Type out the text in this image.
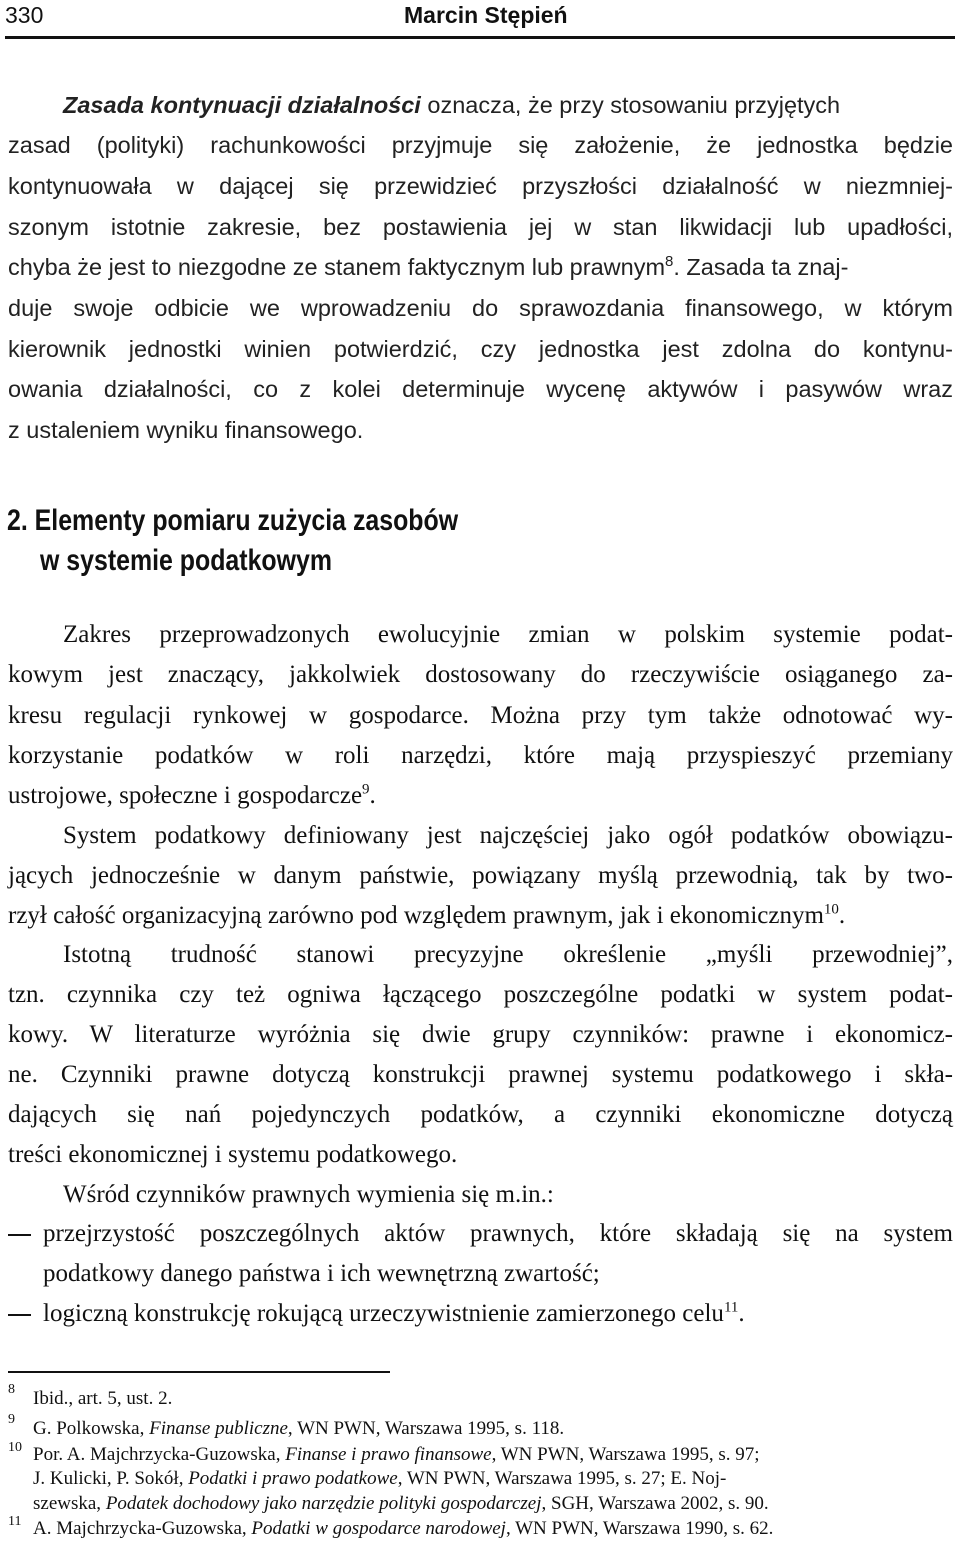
330	Marcin Stępień
Zasada kontynuacji działalności oznacza, że przy stosowaniu przyjętych
zasad (polityki) rachunkowości przyjmuje się założenie, że jednostka będzie
kontynuowała w dającej się przewidzieć przyszłości działalność w niezmniej-
szonym istotnie zakresie, bez postawienia jej w stan likwidacji lub upadłości,
chyba że jest to niezgodne ze stanem faktycznym lub prawnym$^8$. Zasada ta znaj-
duje swoje odbicie we wprowadzeniu do sprawozdania finansowego, w którym
kierownik jednostki winien potwierdzić, czy jednostka jest zdolna do kontynu-
owania działalności, co z kolei determinuje wycenę aktywów i pasywów wraz
z ustaleniem wyniku finansowego.
2. Elementy pomiaru zużycia zasobów
w systemie podatkowym
Zakres przeprowadzonych ewolucyjnie zmian w polskim systemie podat-
kowym jest znaczący, jakkolwiek dostosowany do rzeczywiście osiąganego za-
kresu regulacji rynkowej w gospodarce. Można przy tym także odnotować wy-
korzystanie podatków w roli narzędzi, które mają przyspieszyć przemiany
ustrojowe, społeczne i gospodarcze$^9$.
System podatkowy definiowany jest najczęściej jako ogół podatków obowiązu-
jących jednocześnie w danym państwie, powiązany myślą przewodnią, tak by two-
rzył całość organizacyjną zarówno pod względem prawnym, jak i ekonomicznym$^{10}$.
Istotną trudność stanowi precyzyjne określenie „myśli przewodniej”,
tzn. czynnika czy też ogniwa łączącego poszczególne podatki w system podat-
kowy. W literaturze wyróżnia się dwie grupy czynników: prawne i ekonomicz-
ne. Czynniki prawne dotyczą konstrukcji prawnej systemu podatkowego i skła-
dających się nań pojedynczych podatków, a czynniki ekonomiczne dotyczą
treści ekonomicznej i systemu podatkowego.
Wśród czynników prawnych wymienia się m.in.:
przejrzystość poszczególnych aktów prawnych, które składają się na system
podatkowy danego państwa i ich wewnętrzną zwartość;
logiczną konstrukcję rokującą urzeczywistnienie zamierzonego celu$^{11}$.
8 Ibid., art. 5, ust. 2.
9 G. Polkowska, Finanse publiczne, WN PWN, Warszawa 1995, s. 118.
10 Por. A. Majchrzycka-Guzowska, Finanse i prawo finansowe, WN PWN, Warszawa 1995, s. 97;
J. Kulicki, P. Sokół, Podatki i prawo podatkowe, WN PWN, Warszawa 1995, s. 27; E. Noj-
szewska, Podatek dochodowy jako narzędzie polityki gospodarczej, SGH, Warszawa 2002, s. 90.
11 A. Majchrzycka-Guzowska, Podatki w gospodarce narodowej, WN PWN, Warszawa 1990, s. 62.
